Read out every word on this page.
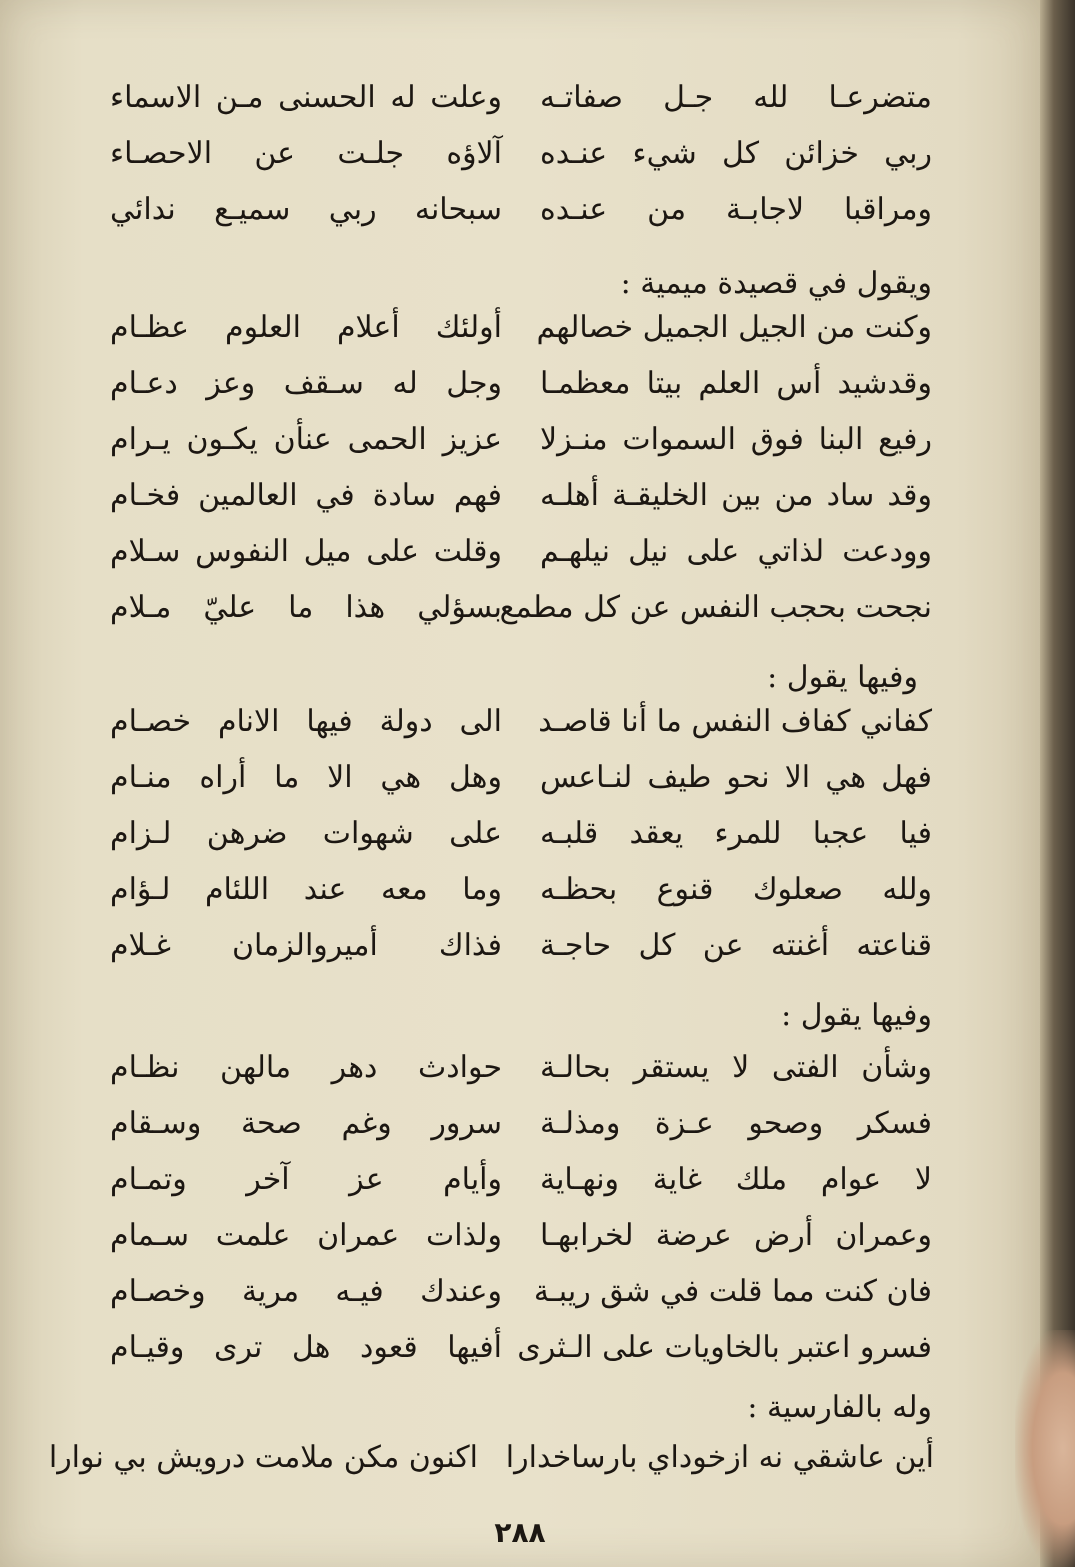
متضرعـا لله جـل صفاتـه
وعلت له الحسنى مـن الاسماء
ربي خزائن كل شيء عنـده
آلاؤه جلـت عن الاحصـاء
ومراقبا لاجابـة من عنـده
سبحانه ربي سميـع ندائي
ويقول في قصيدة ميمية :
وكنت من الجيل الجميل خصالهم
أولئك أعلام العلوم عظـام
وقدشيد أس العلم بيتا معظمـا
وجل له سـقف وعز دعـام
رفيع البنا فوق السموات منـزلا
عزيز الحمى عنأن يكـون يـرام
وقد ساد من بين الخليقـة أهلـه
فهم سادة في العالمين فخـام
وودعت لذاتي على نيل نيلهـم
وقلت على ميل النفوس سـلام
نجحت بحجب النفس عن كل مطمع
بسؤلي هذا ما عليّ مـلام
وفيها يقول :
كفاني كفاف النفس ما أنا قاصـد
الى دولة فيها الانام خصـام
فهل هي الا نحو طيف لنـاعس
وهل هي الا ما أراه منـام
فيا عجبا للمرء يعقد قلبـه
على شهوات ضرهن لـزام
ولله صعلوك قنوع بحظـه
وما معه عند اللئام لـؤام
قناعته أغنته عن كل حاجـة
فذاك أميروالزمان غـلام
وفيها يقول :
وشأن الفتى لا يستقر بحالـة
حوادث دهر مالهن نظـام
فسكر وصحو عـزة ومذلـة
سرور وغم صحة وسـقام
لا عوام ملك غاية ونهـاية
وأيام عز آخر وتمـام
وعمران أرض عرضة لخرابهـا
ولذات عمران علمت سـمام
فان كنت مما قلت في شق ريبـة
وعندك فيـه مرية وخصـام
فسرو اعتبر بالخاويات على الـثرى
أفيها قعود هل ترى وقيـام
وله بالفارسية :
أين عاشقي نه ازخوداي بارساخدارا
اكنون مكن ملامت درويش بي نوارا
٢٨٨
